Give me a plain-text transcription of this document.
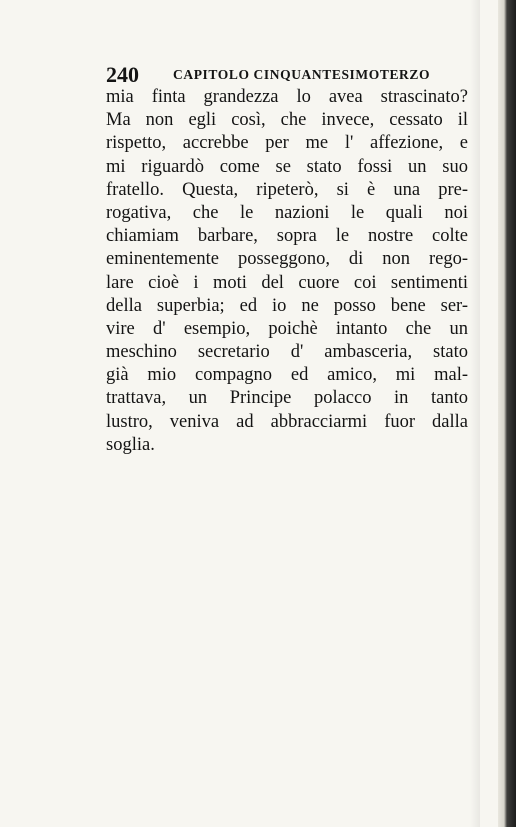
240	CAPITOLO CINQUANTESIMOTERZO
mia finta grandezza lo avea strascinato?
Ma non egli così, che invece, cessato il
rispetto, accrebbe per me l' affezione, e
mi riguardò come se stato fossi un suo
fratello. Questa, ripeterò, si è una pre-
rogativa, che le nazioni le quali noi
chiamiam barbare, sopra le nostre colte
eminentemente posseggono, di non rego-
lare cioè i moti del cuore coi sentimenti
della superbia; ed io ne posso bene ser-
vire d' esempio, poichè intanto che un
meschino secretario d' ambasceria, stato
già mio compagno ed amico, mi mal-
trattava, un Principe polacco in tanto
lustro, veniva ad abbracciarmi fuor dalla
soglia.
